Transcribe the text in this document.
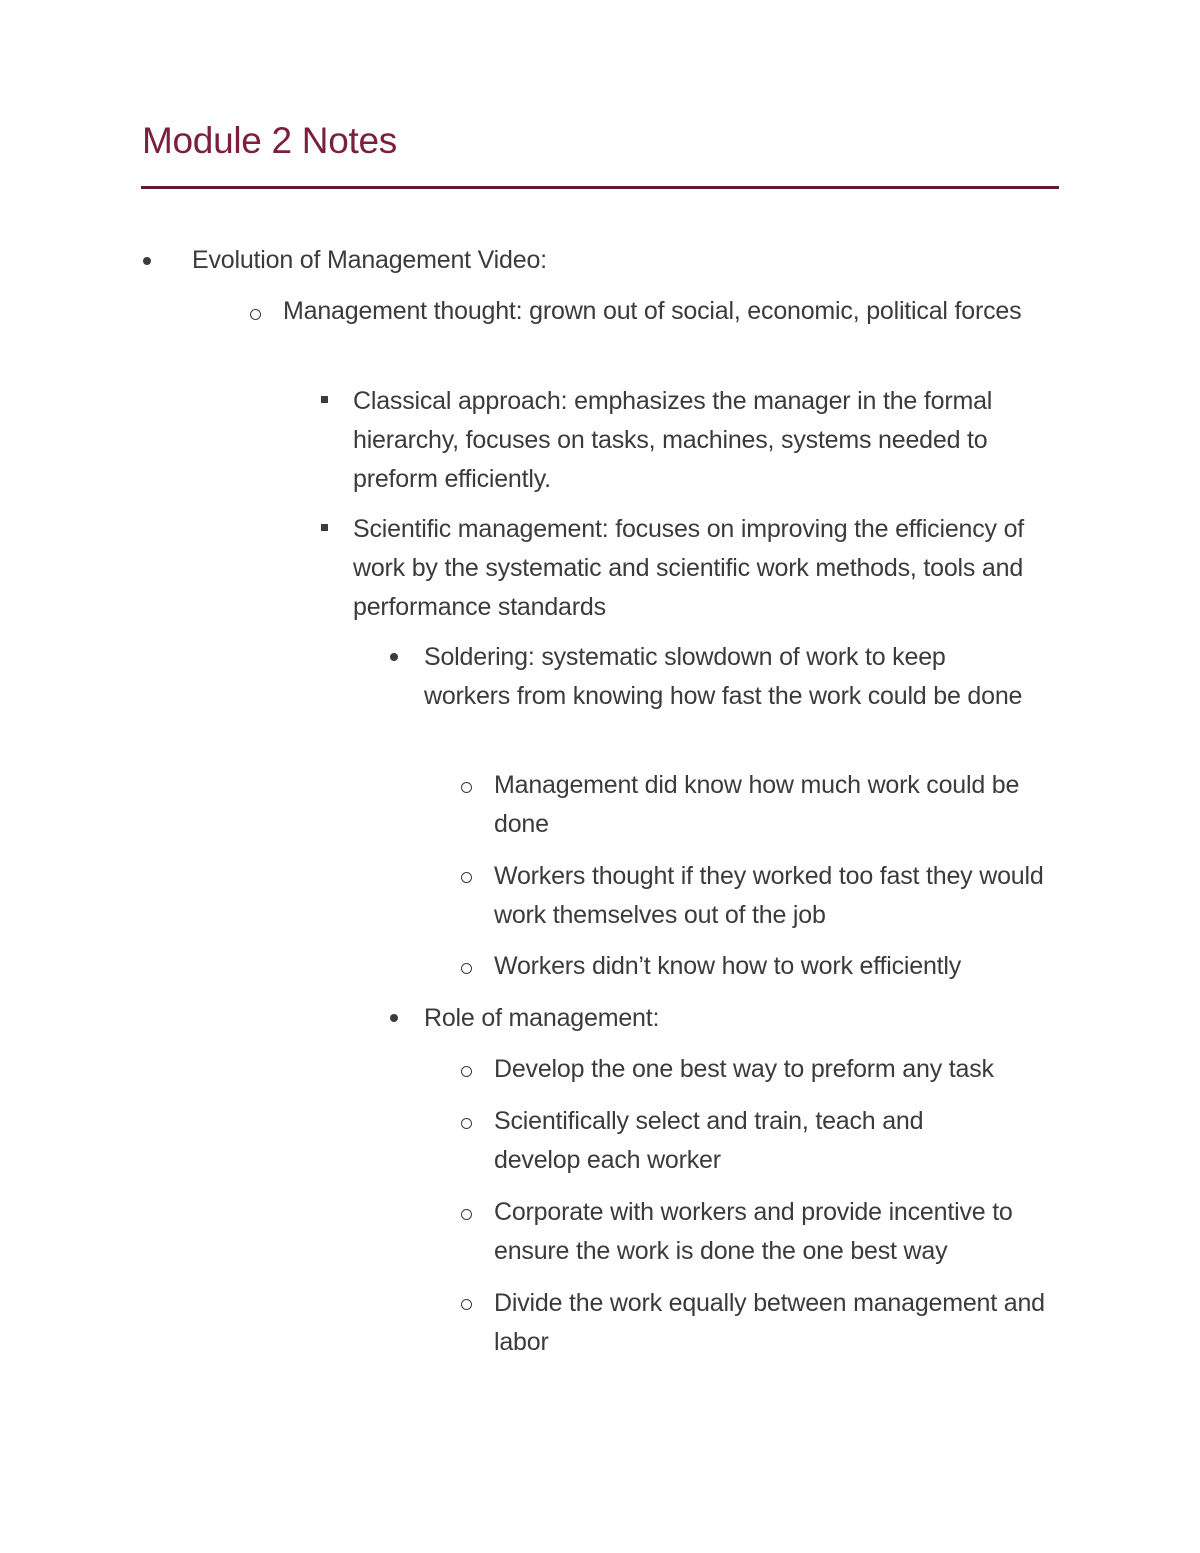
Module 2 Notes
Evolution of Management Video:
Management thought: grown out of social, economic, political forces
Classical approach: emphasizes the manager in the formal hierarchy, focuses on tasks, machines, systems needed to preform efficiently.
Scientific management: focuses on improving the efficiency of work by the systematic and scientific work methods, tools and performance standards
Soldering: systematic slowdown of work to keep workers from knowing how fast the work could be done
Management did know how much work could be done
Workers thought if they worked too fast they would work themselves out of the job
Workers didn’t know how to work efficiently
Role of management:
Develop the one best way to preform any task
Scientifically select and train, teach and develop each worker
Corporate with workers and provide incentive to ensure the work is done the one best way
Divide the work equally between management and labor
